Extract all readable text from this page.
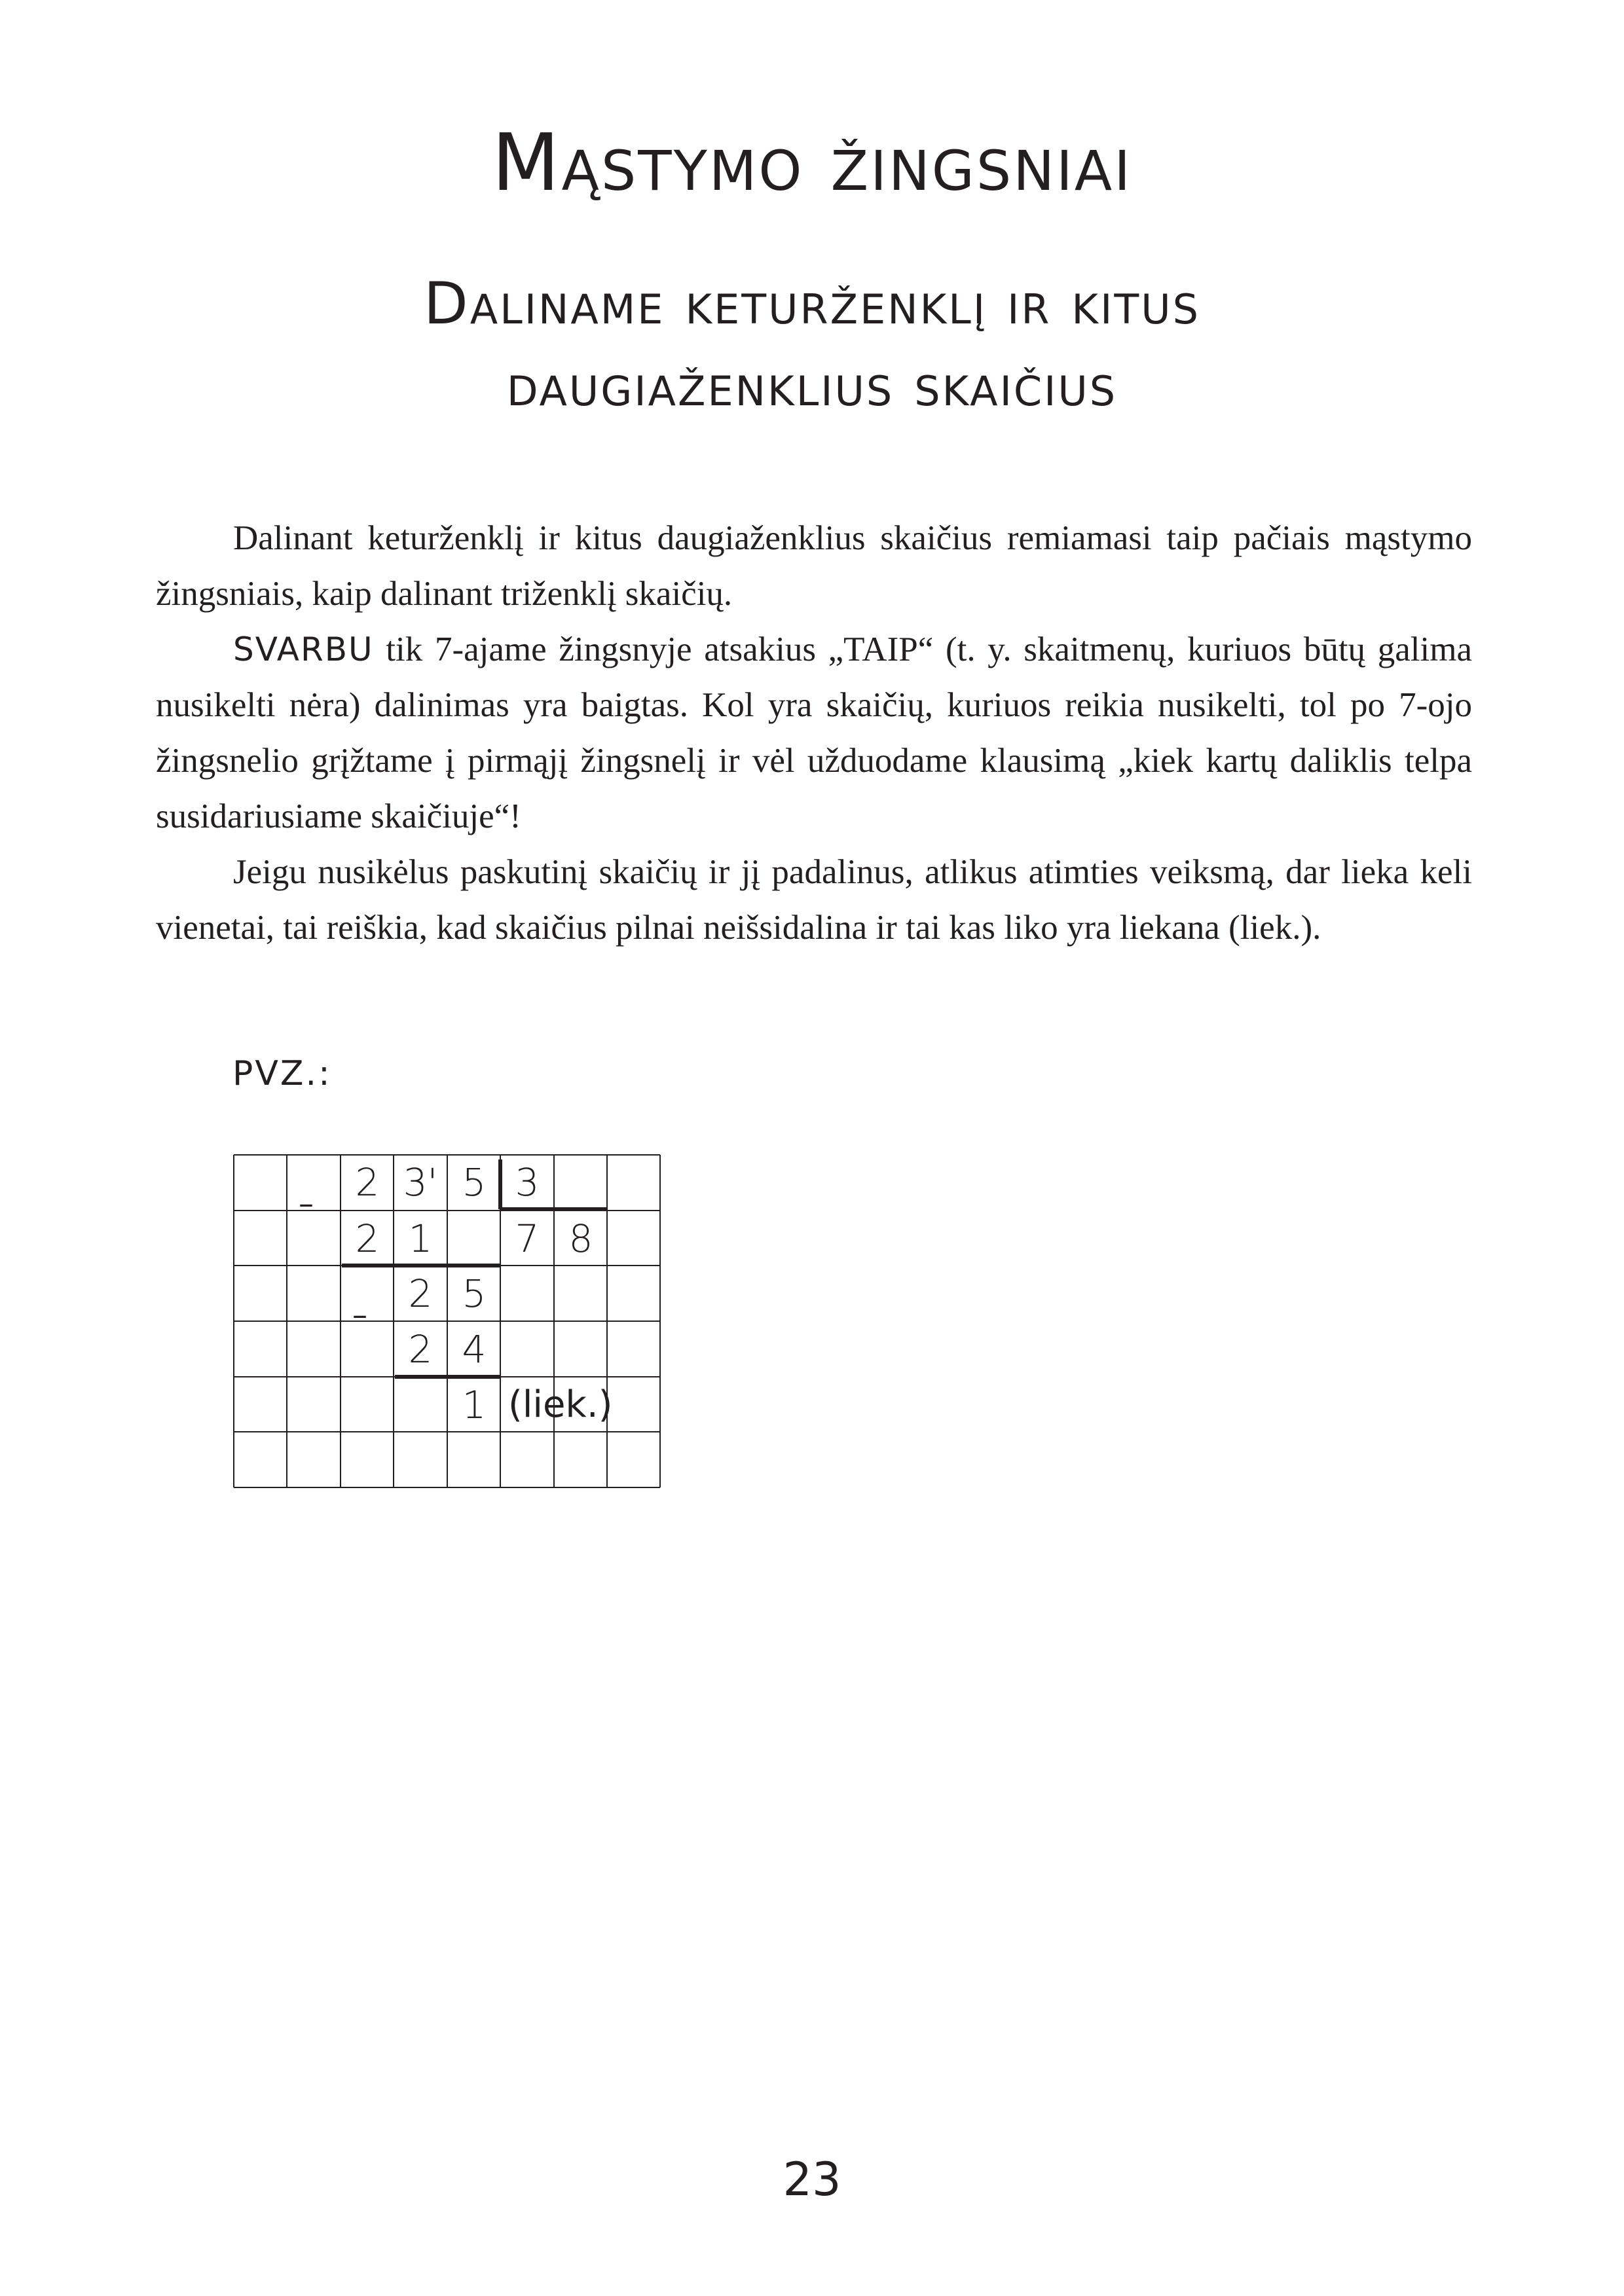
Mąstymo žingsniai
Daliname keturženklį ir kitus
daugiaženklius skaičius

Dalinant keturženklį ir kitus daugiaženklius skaičius remiamasi taip pačiais mąstymo žingsniais, kaip dalinant triženklį skaičių.

SVARBU tik 7-ajame žingsnyje atsakius „TAIP“ (t. y. skaitmenų, kuriuos būtų galima nusikelti nėra) dalinimas yra baigtas. Kol yra skaičių, kuriuos reikia nusikelti, tol po 7-ojo žingsnelio grįžtame į pirmąjį žingsnelį ir vėl užduodame klausimą „kiek kartų daliklis telpa susidariusiame skaičiuje“!

Jeigu nusikėlus paskutinį skaičių ir jį padalinus, atlikus atimties veiksmą, dar lieka keli vienetai, tai reiškia, kad skaičius pilnai neišsidalina ir tai kas liko yra liekana (liek.).

PVZ.:
–
–
2 3' 5 3
2 1	7 8
2 5
2 4
1 (liek.)
23
